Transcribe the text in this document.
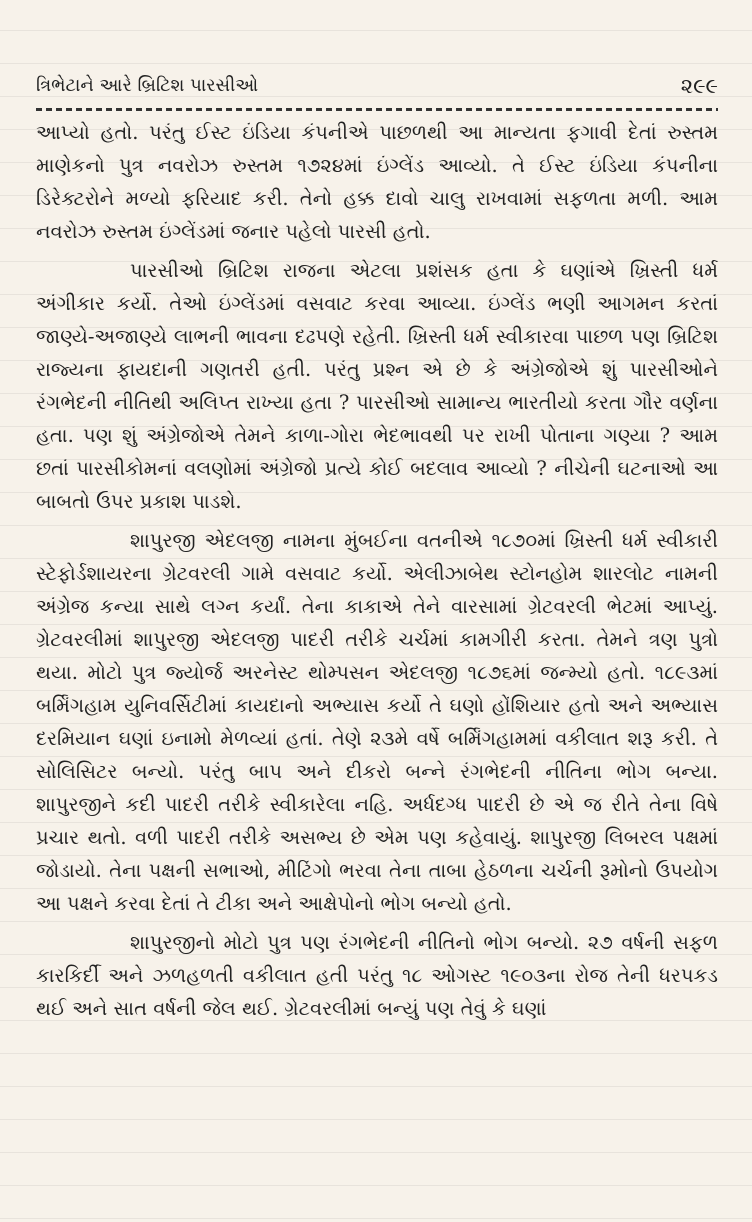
ત્રિભેટાને આરે બ્રિટિશ પારસીઓ	૨૯૯

આપ્યો હતો. પરંતુ ઈસ્ટ ઇંડિયા કંપનીએ પાછળથી આ માન્યતા ફગાવી દેતાં રુસ્તમ માણેકનો પુત્ર નવરોઝ રુસ્તમ ૧૭૨૪માં ઇંગ્લેંડ આવ્યો. તે ઈસ્ટ ઇંડિયા કંપનીના ડિરેક્ટરોને મળ્યો ફરિયાદ કરી. તેનો હક્ક દાવો ચાલુ રાખવામાં સફળતા મળી. આમ નવરોઝ રુસ્તમ ઇંગ્લેંડમાં જનાર પહેલો પારસી હતો.

પારસીઓ બ્રિટિશ રાજના એટલા પ્રશંસક હતા કે ઘણાંએ ખ્રિસ્તી ધર્મ અંગીકાર કર્યો. તેઓ ઇંગ્લેંડમાં વસવાટ કરવા આવ્યા. ઇંગ્લેંડ ભણી આગમન કરતાં જાણ્યે-અજાણ્યે લાભની ભાવના દઢપણે રહેતી. ખ્રિસ્તી ધર્મ સ્વીકારવા પાછળ પણ બ્રિટિશ રાજ્યના ફાયદાની ગણતરી હતી. પરંતુ પ્રશ્ન એ છે કે અંગ્રેજોએ શું પારસીઓને રંગભેદની નીતિથી અલિપ્ત રાખ્યા હતા ? પારસીઓ સામાન્ય ભારતીયો કરતા ગૌર વર્ણના હતા. પણ શું અંગ્રેજોએ તેમને કાળા-ગોરા ભેદભાવથી પર રાખી પોતાના ગણ્યા ? આમ છતાં પારસીકોમનાં વલણોમાં અંગ્રેજો પ્રત્યે કોઈ બદલાવ આવ્યો ? નીચેની ઘટનાઓ આ બાબતો ઉપર પ્રકાશ પાડશે.

શાપુરજી એદલજી નામના મુંબઈના વતનીએ ૧૮૭૦માં ખ્રિસ્તી ધર્મ સ્વીકારી સ્ટેફોર્ડશાયરના ગ્રેટવરલી ગામે વસવાટ કર્યો. એલીઝાબેથ સ્ટોનહોમ શારલોટ નામની અંગ્રેજ કન્યા સાથે લગ્ન કર્યાં. તેના કાકાએ તેને વારસામાં ગ્રેટવરલી ભેટમાં આપ્યું. ગ્રેટવરલીમાં શાપુરજી એદલજી પાદરી તરીકે ચર્ચમાં કામગીરી કરતા. તેમને ત્રણ પુત્રો થયા. મોટો પુત્ર જ્યોર્જ અરનેસ્ટ થોમ્પસન એદલજી ૧૮૭૬માં જન્મ્યો હતો. ૧૮૯૩માં બર્મિંગહામ યુનિવર્સિટીમાં કાયદાનો અભ્યાસ કર્યો તે ઘણો હોંશિયાર હતો અને અભ્યાસ દરમિયાન ઘણાં ઇનામો મેળવ્યાં હતાં. તેણે ૨૩મે વર્ષે બર્મિંગહામમાં વકીલાત શરૂ કરી. તે સોલિસિટર બન્યો. પરંતુ બાપ અને દીકરો બન્ને રંગભેદની નીતિના ભોગ બન્યા. શાપુરજીને કદી પાદરી તરીકે સ્વીકારેલા નહિ. અર્ધદગ્ધ પાદરી છે એ જ રીતે તેના વિષે પ્રચાર થતો. વળી પાદરી તરીકે અસભ્ય છે એમ પણ કહેવાયું. શાપુરજી લિબરલ પક્ષમાં જોડાયો. તેના પક્ષની સભાઓ, મીટિંગો ભરવા તેના તાબા હેઠળના ચર્ચની રૂમોનો ઉપયોગ આ પક્ષને કરવા દેતાં તે ટીકા અને આક્ષેપોનો ભોગ બન્યો હતો.

શાપુરજીનો મોટો પુત્ર પણ રંગભેદની નીતિનો ભોગ બન્યો. ૨૭ વર્ષની સફળ કારકિર્દી અને ઝળહળતી વકીલાત હતી પરંતુ ૧૮ ઓગસ્ટ ૧૯૦૩ના રોજ તેની ધરપકડ થઈ અને સાત વર્ષની જેલ થઈ. ગ્રેટવરલીમાં બન્યું પણ તેવું કે ઘણાં
